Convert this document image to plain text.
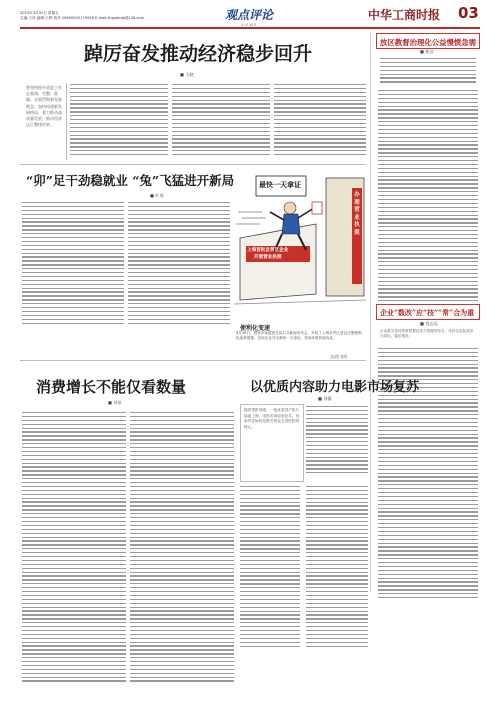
2023年3月31日 星期五
主编:王萍 编辑:王晔 校对:19800902175926 E-mail:zhgsbmjb@126.com	观点评论
VIEWS
中华工商时报 03
踔厉奋发推动经济稳步回升
■ 王晓
要坚持稳中求进工作总基调，完整、准确、全面贯彻新发展理念，加快构建新发展格局，着力推动高质量发展，推动经济运行整体好转。
放区教督治理化公益慢惯急需
■ 崔达
企业“数改”应“技”“常”合为重
■ 钱志远
企业数字化转型要把握技术与管理的结合，坚持以实际需求为导向，稳步推进。
“卯”足干劲稳就业 “兔”飞猛进开新局
■ 叶茂
最快一天拿证
上海首批自贸区企业
开展营业执照
办理营业执照
便利化变速
3月30日，国家市场监管总局召开新闻发布会，介绍了上海自贸区登记注册便利化改革措施，实现企业开办最快一天拿证，营商环境持续优化。
文/图 张旺
消费增长不能仅看数量
■ 刘泉
以优质内容助力电影市场复苏
■ 刘静
随着观影回暖，一批优质国产影片陆续上映，电影市场迎来复苏。优质内容始终是吸引观众走进影院的核心。
